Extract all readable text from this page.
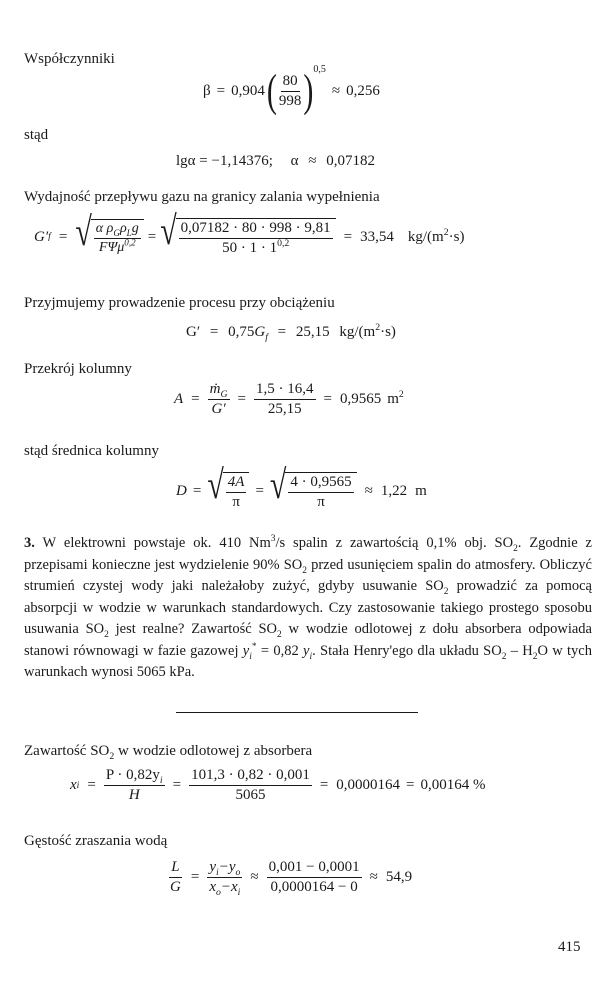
Współczynniki
β = 0,904 ( $\frac{80}{998}$ ) 0,5
≈ 0,256
stąd
lgα = −1,14376; α ≈ 0,07182
Wydajność przepływu gazu na granicy zalania wypełnienia
G′ f = √ $\frac{\alpha \rho_G\rho_Lg}{F\Psi\mu^{0,2}}$ = √ $\frac{0,07182 \cdot 80 \cdot 998 \cdot 9,81}{50 \cdot 1 \cdot 1^{0,2}} = 33,54$ $kg/(m^2\cdot s)$
Przyjmujemy prowadzenie procesu przy obciążeniu
$G' = 0,75G_f = 25,15$ $kg/(m^2\cdot s)$
Przekrój kolumny
$A = \frac{ṁ_G}{G'} = \frac{1,5 \cdot 16,4}{25,15} = 0,9565$ $m^2$
stąd średnica kolumny
D = √ $\frac{4A}{\pi}$ = √ $\frac{4 \cdot 0,9565}{\pi} \approx 1,22$ m
3. W elektrowni powstaje ok. 410 Nm$^3$/s spalin z zawartością 0,1% obj. $SO_2$. Zgodnie z przepisami konieczne jest wydzielenie 90% $SO_2$ przed usunięciem spalin do atmosfery. Obliczyć strumień czystej wody jaki należałoby zużyć, gdyby usuwanie $SO_2$ prowadzić za pomocą absorpcji w wodzie w warunkach standardowych. Czy zastosowanie takiego prostego sposobu usuwania $SO_2$ jest realne? Zawartość $SO_2$ w wodzie odlotowej z dołu absorbera odpowiada stanowi równowagi w fazie gazowej $y_i^* = 0,82$ $y_i$. Stała Henry'ego dla układu $SO_2 - H_2O$ w tych warunkach wynosi 5065 kPa.
Zawartość $SO_2$ w wodzie odlotowej z absorbera
x $i = \frac{P \cdot 0,82y_i}{H} = \frac{101,3 \cdot 0,82 \cdot 0,001}{5065} = 0,0000164 = 0,00164$ %
Gęstość zraszania wodą
$\frac{L}{G} = \frac{y_i-y_o}{x_o-x_i} \approx \frac{0,001 - 0,0001}{0,0000164 - 0} \approx 54,9$
415
